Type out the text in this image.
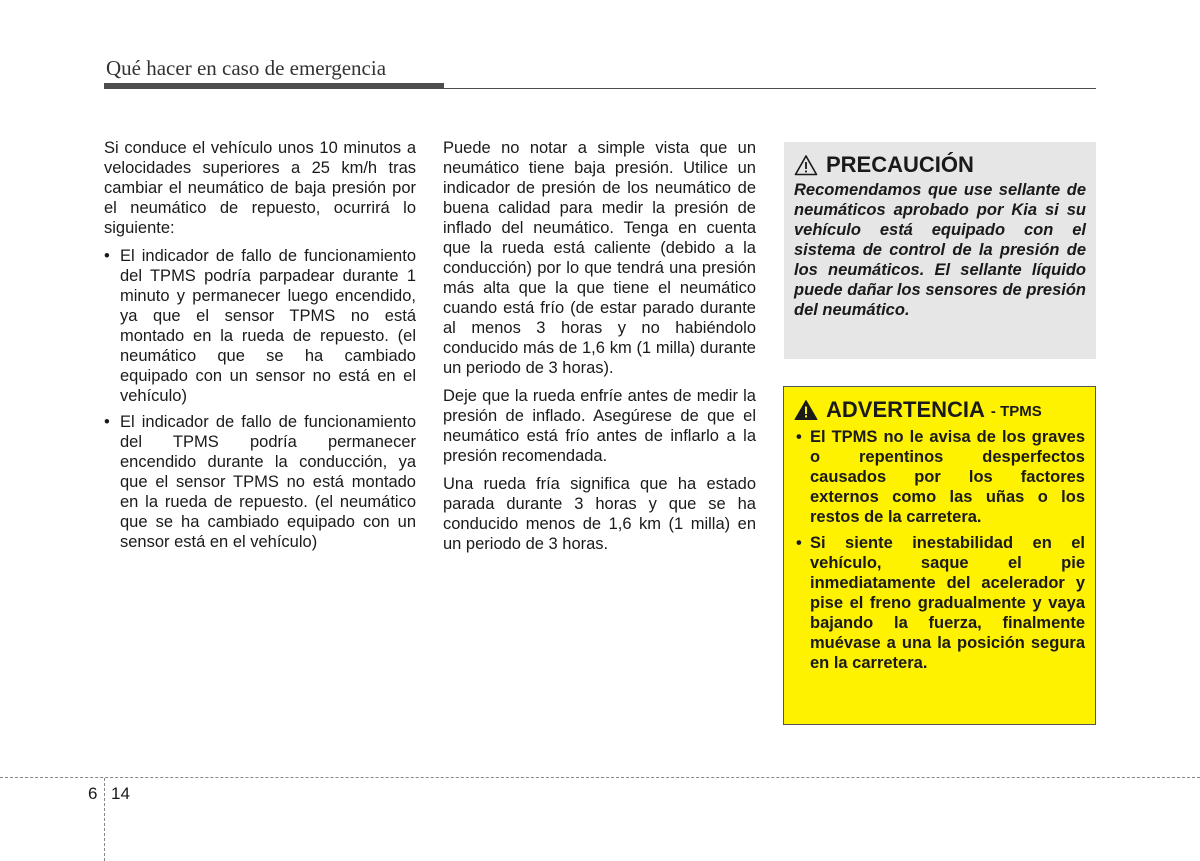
Qué hacer en caso de emergencia

Si conduce el vehículo unos 10 minutos a velocidades superiores a 25 km/h tras cambiar el neumático de baja presión por el neumático de repuesto, ocurrirá lo siguiente:

• El indicador de fallo de funcionamiento del TPMS podría parpadear durante 1 minuto y permanecer luego encendido, ya que el sensor TPMS no está montado en la rueda de repuesto. (el neumático que se ha cambiado equipado con un sensor no está en el vehículo)
• El indicador de fallo de funcionamiento del TPMS podría permanecer encendido durante la conducción, ya que el sensor TPMS no está montado en la rueda de repuesto. (el neumático que se ha cambiado equipado con un sensor está en el vehículo)

Puede no notar a simple vista que un neumático tiene baja presión. Utilice un indicador de presión de los neumático de buena calidad para medir la presión de inflado del neumático. Tenga en cuenta que la rueda está caliente (debido a la conducción) por lo que tendrá una presión más alta que la que tiene el neumático cuando está frío (de estar parado durante al menos 3 horas y no habiéndolo conducido más de 1,6 km (1 milla) durante un periodo de 3 horas).

Deje que la rueda enfríe antes de medir la presión de inflado. Asegúrese de que el neumático está frío antes de inflarlo a la presión recomendada.

Una rueda fría significa que ha estado parada durante 3 horas y que se ha conducido menos de 1,6 km (1 milla) en un periodo de 3 horas.

PRECAUCIÓN

Recomendamos que use sellante de neumáticos aprobado por Kia si su vehículo está equipado con el sistema de control de la presión de los neumáticos. El sellante líquido puede dañar los sensores de presión del neumático.

ADVERTENCIA - TPMS
• El TPMS no le avisa de los graves o repentinos desperfectos causados por los factores externos como las uñas o los restos de la carretera.
• Si siente inestabilidad en el vehículo, saque el pie inmediatamente del acelerador y pise el freno gradualmente y vaya bajando la fuerza, finalmente muévase a una la posición segura en la carretera.
6 14
